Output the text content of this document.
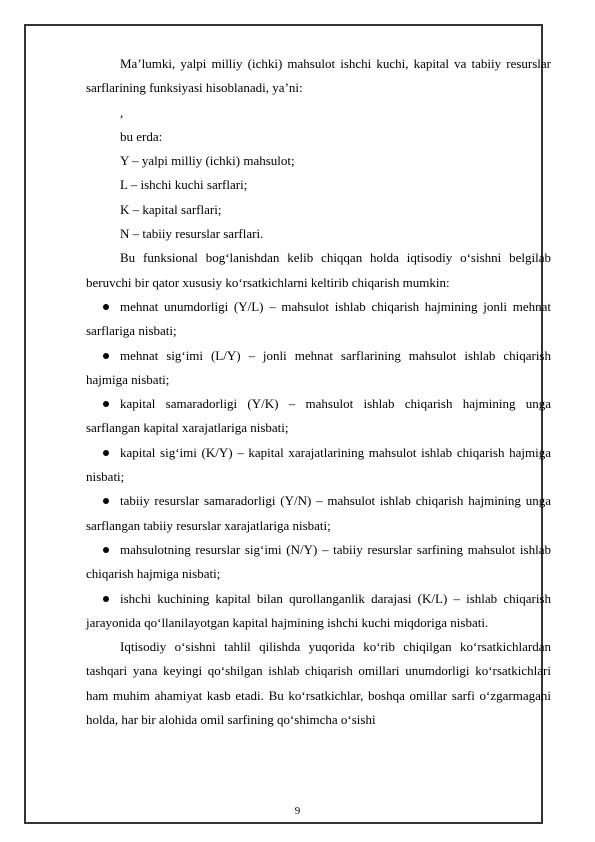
Ma’lumki, yalpi milliy (ichki) mahsulot ishchi kuchi, kapital va tabiiy resurslar sarflarining funksiyasi hisoblanadi, ya’ni:

,

bu erda:

Y – yalpi milliy (ichki) mahsulot;

L – ishchi kuchi sarflari;

K – kapital sarflari;

N – tabiiy resurslar sarflari.

Bu funksional bog‘lanishdan kelib chiqqan holda iqtisodiy o‘sishni belgilab beruvchi bir qator xususiy ko‘rsatkichlarni keltirib chiqarish mumkin:

mehnat unumdorligi (Y/L) – mahsulot ishlab chiqarish hajmining jonli mehnat sarflariga nisbati;

mehnat sig‘imi (L/Y) – jonli mehnat sarflarining mahsulot ishlab chiqarish hajmiga nisbati;

kapital samaradorligi (Y/K) – mahsulot ishlab chiqarish hajmining unga sarflangan kapital xarajatlariga nisbati;

kapital sig‘imi (K/Y) – kapital xarajatlarining mahsulot ishlab chiqarish hajmiga nisbati;

tabiiy resurslar samaradorligi (Y/N) – mahsulot ishlab chiqarish hajmining unga sarflangan tabiiy resurslar xarajatlariga nisbati;

mahsulotning resurslar sig‘imi (N/Y) – tabiiy resurslar sarfining mahsulot ishlab chiqarish hajmiga nisbati;

ishchi kuchining kapital bilan qurollanganlik darajasi (K/L) – ishlab chiqarish jarayonida qo‘llanilayotgan kapital hajmining ishchi kuchi miqdoriga nisbati.

Iqtisodiy o‘sishni tahlil qilishda yuqorida ko‘rib chiqilgan ko‘rsatkichlardan tashqari yana keyingi qo‘shilgan ishlab chiqarish omillari unumdorligi ko‘rsatkichlari ham muhim ahamiyat kasb etadi. Bu ko‘rsatkichlar, boshqa omillar sarfi o‘zgarmagani holda, har bir alohida omil sarfining qo‘shimcha o‘sishi

9
